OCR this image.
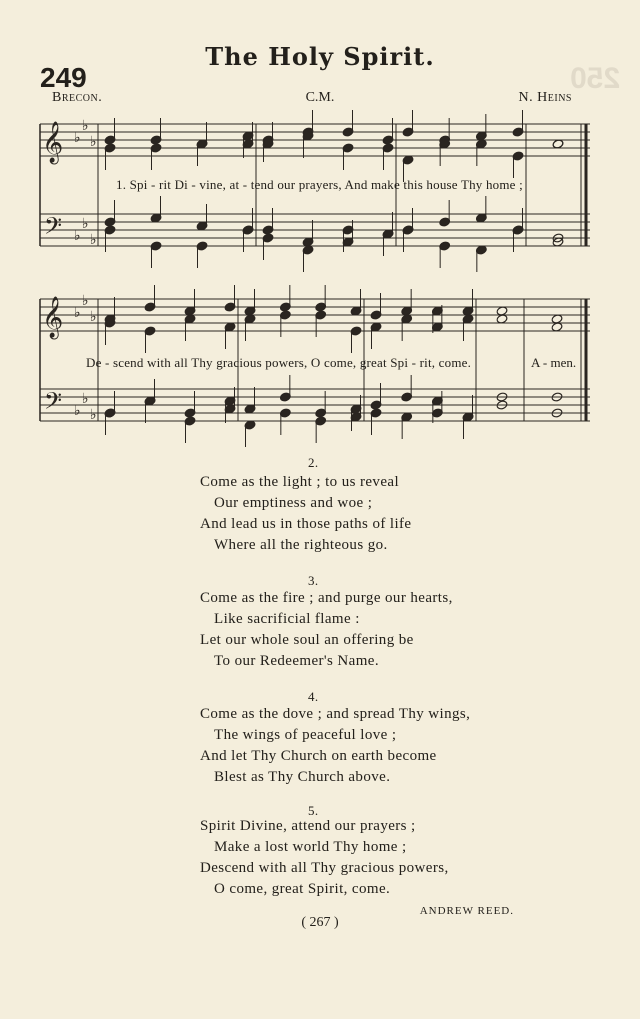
250
The Holy Spirit.
249
Brecon.	C.M.	N. Heins
𝄞
𝄢
♭
♭
♭
♭
♭
♭
1. Spi - rit Di - vine, at - tend our prayers, And make this house Thy home ;
𝄞
𝄢
♭
♭
♭
♭
♭
♭
De - scend with all Thy gracious powers, O come, great Spi - rit, come.	A - men.
2.
Come as the light ; to us reveal
Our emptiness and woe ;
And lead us in those paths of life
Where all the righteous go.
3.
Come as the fire ; and purge our hearts,
Like sacrificial flame :
Let our whole soul an offering be
To our Redeemer's Name.
4.
Come as the dove ; and spread Thy wings,
The wings of peaceful love ;
And let Thy Church on earth become
Blest as Thy Church above.
5.
Spirit Divine, attend our prayers ;
Make a lost world Thy home ;
Descend with all Thy gracious powers,
O come, great Spirit, come.
ANDREW REED.
( 267 )
